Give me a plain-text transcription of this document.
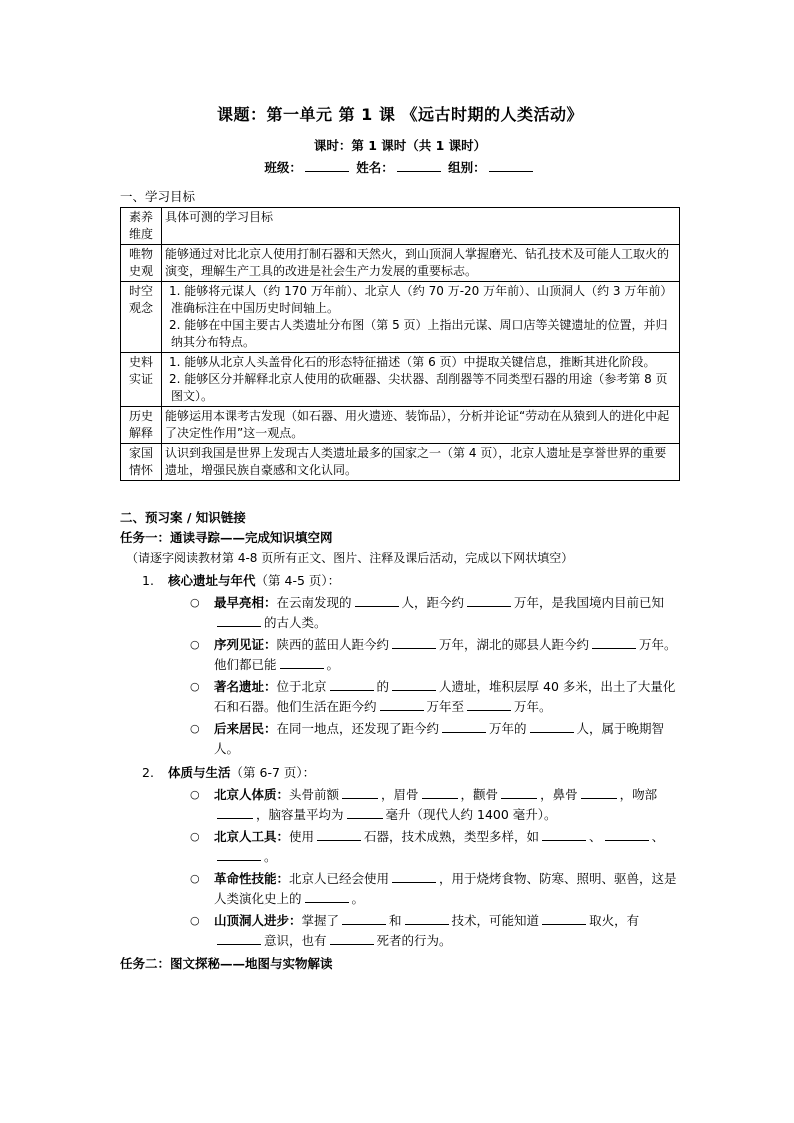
课题：第一单元 第 1 课 《远古时期的人类活动》

课时：第 1 课时（共 1 课时）

班级：	姓名：	组别：

一、学习目标

素养维度	具体可测的学习目标
唯物史观	能够通过对比北京人使用打制石器和天然火，到山顶洞人掌握磨光、钻孔技术及可能人工取火的演变，理解生产工具的改进是社会生产力发展的重要标志。

时空观念	1. 能够将元谋人（约 170 万年前）、北京人（约 70 万-20 万年前）、山顶洞人（约 3 万年前）准确标注在中国历史时间轴上。
2. 能够在中国主要古人类遗址分布图（第 5 页）上指出元谋、周口店等关键遗址的位置，并归纳其分布特点。

史料实证	1. 能够从北京人头盖骨化石的形态特征描述（第 6 页）中提取关键信息，推断其进化阶段。
2. 能够区分并解释北京人使用的砍砸器、尖状器、刮削器等不同类型石器的用途（参考第 8 页图文）。

历史解释	能够运用本课考古发现（如石器、用火遗迹、装饰品），分析并论证“劳动在从猿到人的进化中起了决定性作用”这一观点。

家国情怀	认识到我国是世界上发现古人类遗址最多的国家之一（第 4 页），北京人遗址是享誉世界的重要遗址，增强民族自豪感和文化认同。

二、预习案 / 知识链接

任务一：通读寻踪——完成知识填空网

（请逐字阅读教材第 4-8 页所有正文、图片、注释及课后活动，完成以下网状填空）

1. 核心遗址与年代（第 4-5 页）：
○ 最早亮相：在云南发现的	人，距今约	万年，是我国境内目前已知的古人类。
○ 序列见证：陕西的蓝田人距今约	万年，湖北的郧县人距今约	万年。他们都已能	。
○ 著名遗址：位于北京	的	人遗址，堆积层厚 40 多米，出土了大量化石和石器。他们生活在距今约	万年至	万年。
○ 后来居民：在同一地点，还发现了距今约	万年的	人，属于晚期智人。
2. 体质与生活（第 6-7 页）：
○ 北京人体质：头骨前额	，眉骨	，颧骨	，鼻骨	，吻部，脑容量平均为	毫升（现代人约 1400 毫升）。
○ 北京人工具：使用	石器，技术成熟，类型多样，如	、	、。
○ 革命性技能：北京人已经会使用	，用于烧烤食物、防寒、照明、驱兽，这是人类演化史上的	。
○ 山顶洞人进步：掌握了	和	技术，可能知道	取火，有意识，也有	死者的行为。

任务二：图文探秘——地图与实物解读
